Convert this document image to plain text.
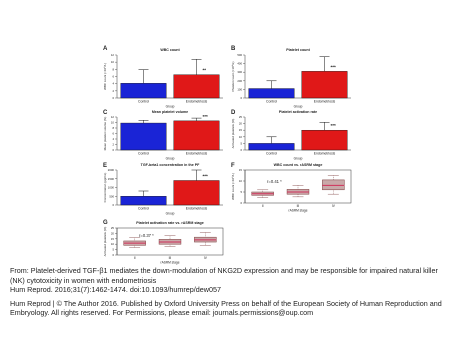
A	WBC count
0
2
4
6
8
10
12
WBC count (×10⁹/L)
Control	Endometriosis
**
Group
B	Platelet count
0
100
200
300
400
500
Platelet count (×10⁹/L)
Control	Endometriosis
***
Group
C	Mean platelet volume
0
2
4
6
8
10
12
Mean platelet volume (fL)
Control	Endometriosis
***
Group
D	Platelet activation rate
0
5
10
15
20
25
Activated platelets (%)
Control	Endometriosis
***
Group
E	TGF-beta1 concentration in the PF
0
500
1000
1500
2000
Concentration (pg/mL)
Control	Endometriosis
***
Group
F	WBC count vs. rASRM stage
0
5
10
15
WBC count (×10⁹/L)
II	III	IV
rASRM stage
r=0.41 *
G	Platelet activation rate vs. rASRM stage
0
5
10
15
20
25
Activated platelets (%)
II	III	IV
rASRM stage
r=0.37 *
From: Platelet-derived TGF-β1 mediates the down-modulation of NKG2D expression and may be responsible for impaired natural killer (NK) cytotoxicity in women with endometriosis
Hum Reprod. 2016;31(7):1462-1474. doi:10.1093/humrep/dew057
Hum Reprod | © The Author 2016. Published by Oxford University Press on behalf of the European Society of Human Reproduction and Embryology. All rights reserved. For Permissions, please email: journals.permissions@oup.com
